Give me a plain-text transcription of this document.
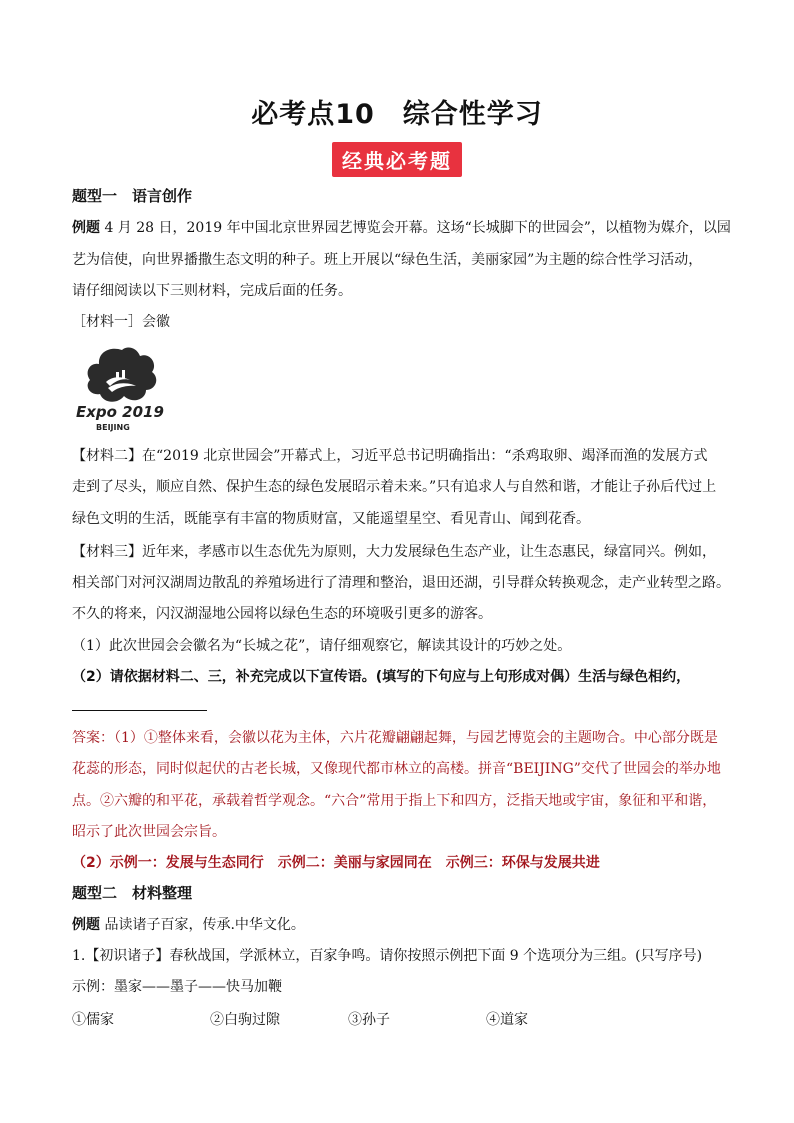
必考点10　综合性学习
经典必考题
题型一　语言创作
例题 4 月 28 日，2019 年中国北京世界园艺博览会开幕。这场“长城脚下的世园会”，以植物为媒介，以园
艺为信使，向世界播撒生态文明的种子。班上开展以“绿色生活，美丽家园”为主题的综合性学习活动，
请仔细阅读以下三则材料，完成后面的任务。
［材料一］会徽
Expo 2019
BEIJING
【材料二】在“2019 北京世园会”开幕式上，习近平总书记明确指出：“杀鸡取卵、竭泽而渔的发展方式
走到了尽头，顺应自然、保护生态的绿色发展昭示着未来。”只有追求人与自然和谐，才能让子孙后代过上
绿色文明的生活，既能享有丰富的物质财富，又能遥望星空、看见青山、闻到花香。
【材料三】近年来，孝感市以生态优先为原则，大力发展绿色生态产业，让生态惠民，绿富同兴。例如，
相关部门对河汉湖周边散乱的养殖场进行了清理和整治，退田还湖，引导群众转换观念，走产业转型之路。
不久的将来，闪汉湖湿地公园将以绿色生态的环境吸引更多的游客。
（1）此次世园会会徽名为“长城之花”，请仔细观察它，解读其设计的巧妙之处。
（2）请依据材料二、三，补充完成以下宣传语。(填写的下句应与上句形成对偶）生活与绿色相约，
答案：（1）①整体来看，会徽以花为主体，六片花瓣翩翩起舞，与园艺博览会的主题吻合。中心部分既是
花蕊的形态，同时似起伏的古老长城，又像现代都市林立的高楼。拼音“BEIJING”交代了世园会的举办地
点。②六瓣的和平花，承载着哲学观念。“六合”常用于指上下和四方，泛指天地或宇宙，象征和平和谐，
昭示了此次世园会宗旨。
（2）示例一：发展与生态同行　示例二：美丽与家园同在　示例三：环保与发展共进
题型二　材料整理
例题 品读诸子百家，传承.中华文化。
1.【初识诸子】春秋战国，学派林立，百家争鸣。请你按照示例把下面 9 个选项分为三组。(只写序号)
示例：墨家——墨子——快马加鞭
①儒家	②白驹过隙	③孙子	④道家
